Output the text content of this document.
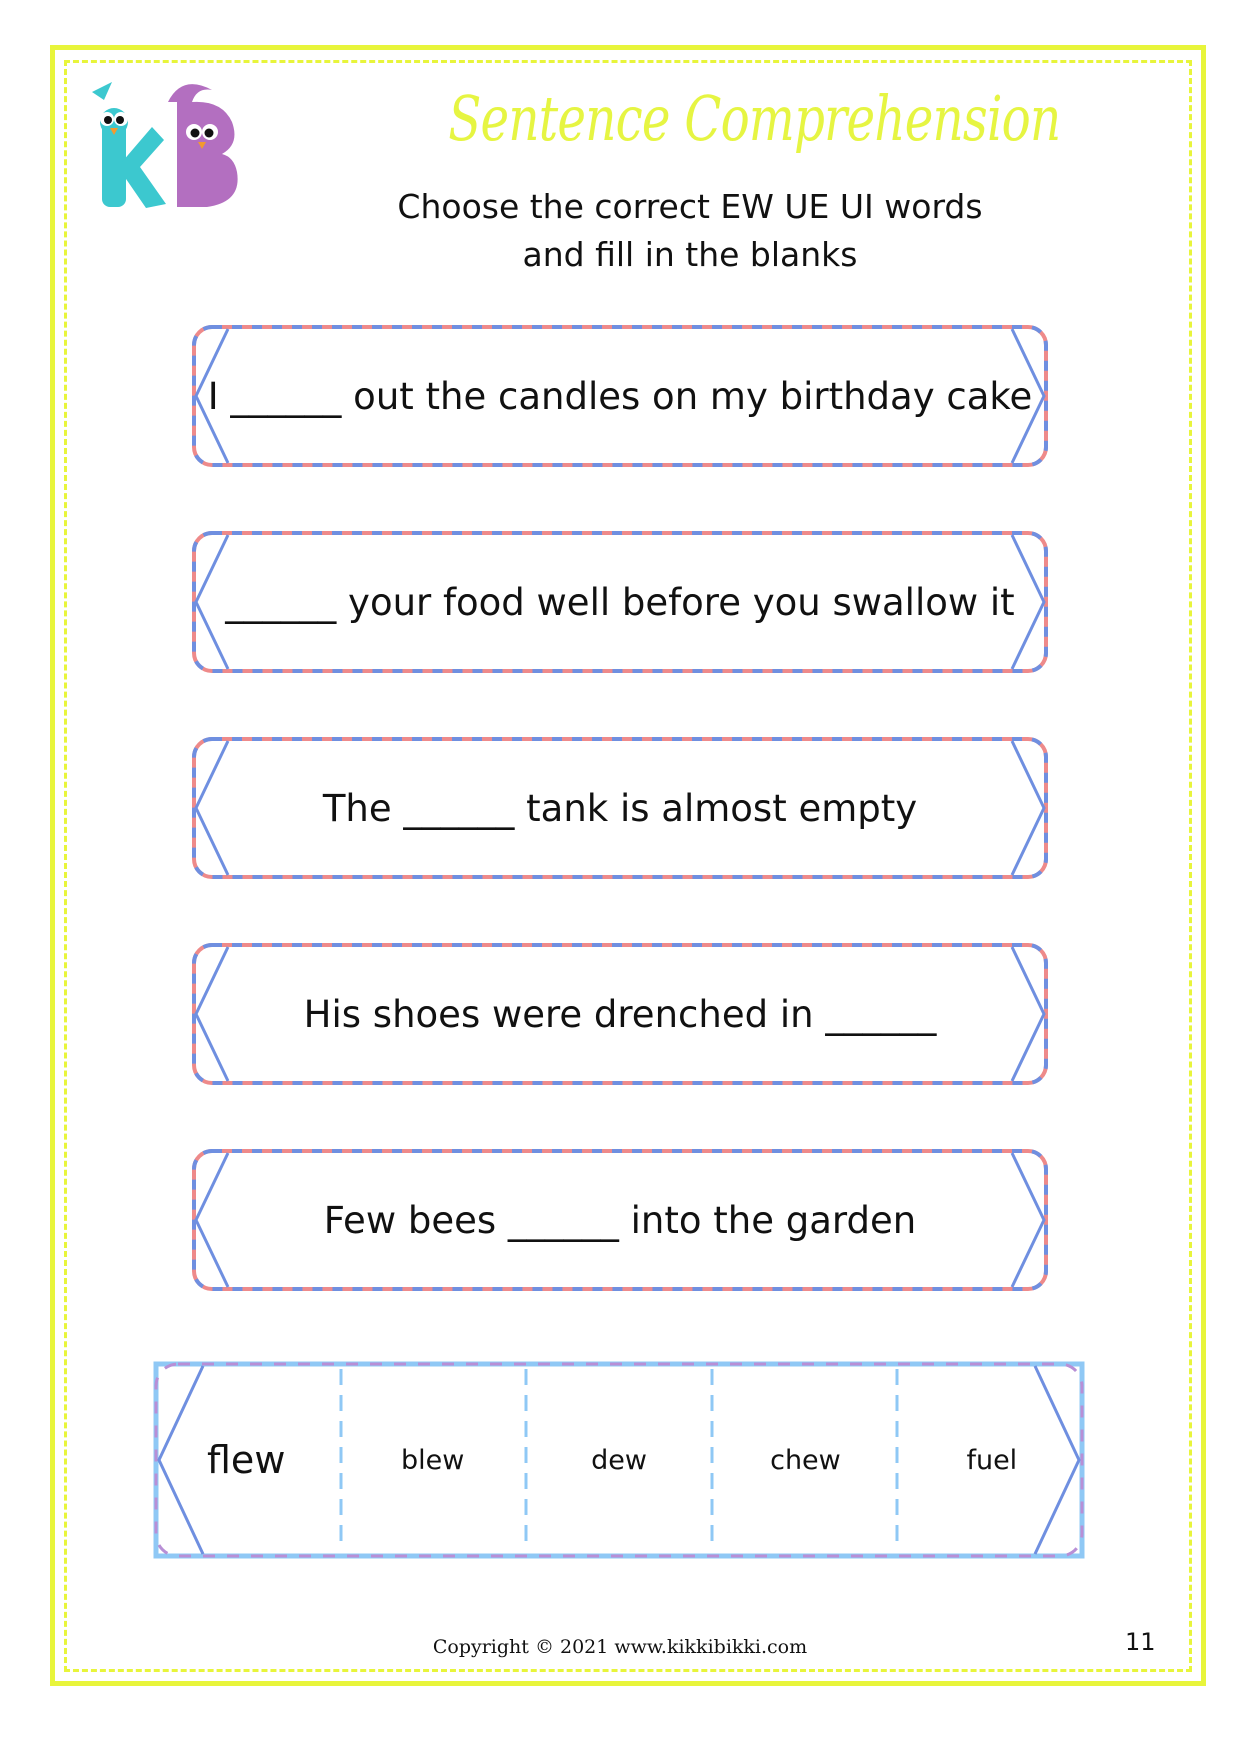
Sentence Comprehension
Choose the correct EW UE UI words
and fill in the blanks
I ______ out the candles on my birthday cake
______ your food well before you swallow it
The ______ tank is almost empty
His shoes were drenched in ______
Few bees ______ into the garden
flew	blew	dew	chew	fuel
Copyright © 2021 www.kikkibikki.com	11
